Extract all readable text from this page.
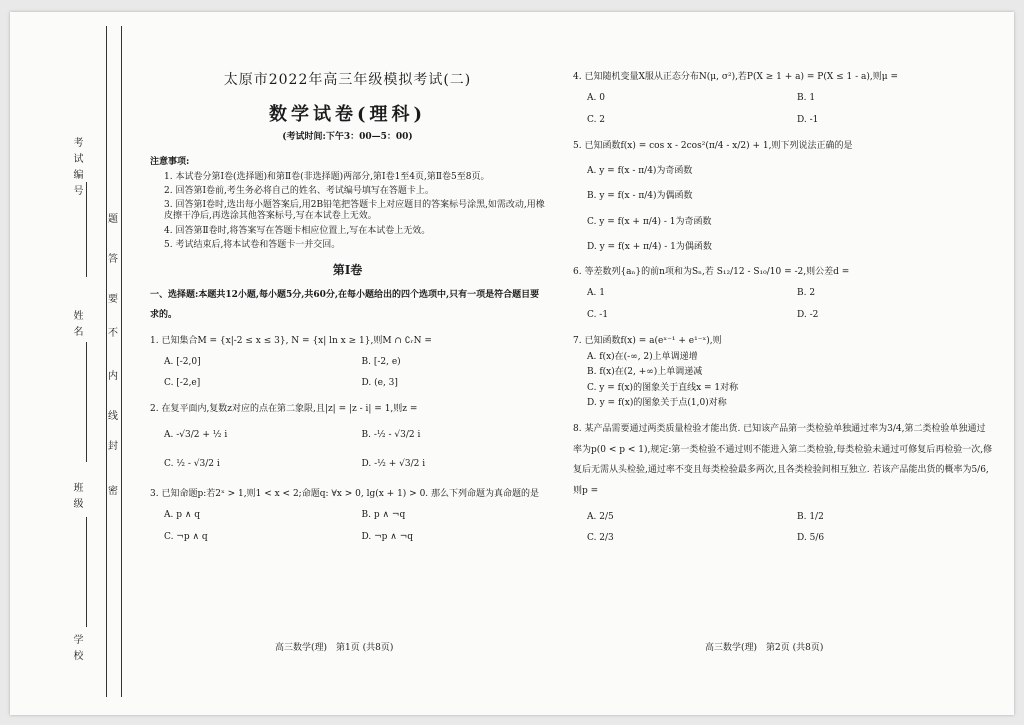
考试编号
姓名
班级
学校
密
封
线
内
不
要
答
题
太原市2022年高三年级模拟考试(二)
数学试卷(理科)
(考试时间:下午3：00—5：00)
注意事项:
1. 本试卷分第Ⅰ卷(选择题)和第Ⅱ卷(非选择题)两部分,第Ⅰ卷1至4页,第Ⅱ卷5至8页。
2. 回答第Ⅰ卷前,考生务必将自己的姓名、考试编号填写在答题卡上。
3. 回答第Ⅰ卷时,选出每小题答案后,用2B铅笔把答题卡上对应题目的答案标号涂黑,如需改动,用橡皮擦干净后,再选涂其他答案标号,写在本试卷上无效。
4. 回答第Ⅱ卷时,将答案写在答题卡相应位置上,写在本试卷上无效。
5. 考试结束后,将本试卷和答题卡一并交回。
第Ⅰ卷
一、选择题:本题共12小题,每小题5分,共60分,在每小题给出的四个选项中,只有一项是符合题目要求的。
1. 已知集合M = {x|-2 ≤ x ≤ 3}, N = {x| ln x ≥ 1},则M ∩ ∁ᵣN =
A. [-2,0]	B. [-2, e)
C. [-2,e]	D. (e, 3]
2. 在复平面内,复数z对应的点在第二象限,且|z| = |z - i| = 1,则z =
A. -√3/2 + ½ i	B. -½ - √3/2 i
C. ½ - √3/2 i	D. -½ + √3/2 i
3. 已知命题p:若2ˣ > 1,则1 < x < 2;命题q: ∀x > 0, lg(x + 1) > 0. 那么下列命题为真命题的是
A. p ∧ q	B. p ∧ ¬q
C. ¬p ∧ q	D. ¬p ∧ ¬q
高三数学(理)　第1页 (共8页)
4. 已知随机变量X服从正态分布N(μ, σ²),若P(X ≥ 1 + a) = P(X ≤ 1 - a),则μ =
A. 0	B. 1
C. 2	D. -1
5. 已知函数f(x) = cos x - 2cos²(π/4 - x/2) + 1,则下列说法正确的是
A. y = f(x - π/4)为奇函数
B. y = f(x - π/4)为偶函数
C. y = f(x + π/4) - 1为奇函数
D. y = f(x + π/4) - 1为偶函数
6. 等差数列{aₙ}的前n项和为Sₙ,若 S₁₂/12 - S₁₀/10 = -2,则公差d =
A. 1	B. 2
C. -1	D. -2
7. 已知函数f(x) = a(eˣ⁻¹ + e¹⁻ˣ),则
A. f(x)在(-∞, 2)上单调递增
B. f(x)在(2, +∞)上单调递减
C. y = f(x)的图象关于直线x = 1对称
D. y = f(x)的图象关于点(1,0)对称
8. 某产品需要通过两类质量检验才能出货. 已知该产品第一类检验单独通过率为3/4,第二类检验单独通过率为p(0 < p < 1),规定:第一类检验不通过则不能进入第二类检验,每类检验未通过可修复后再检验一次,修复后无需从头检验,通过率不变且每类检验最多两次,且各类检验间相互独立. 若该产品能出货的概率为5/6,则p =
A. 2/5	B. 1/2
C. 2/3	D. 5/6
高三数学(理)　第2页 (共8页)
